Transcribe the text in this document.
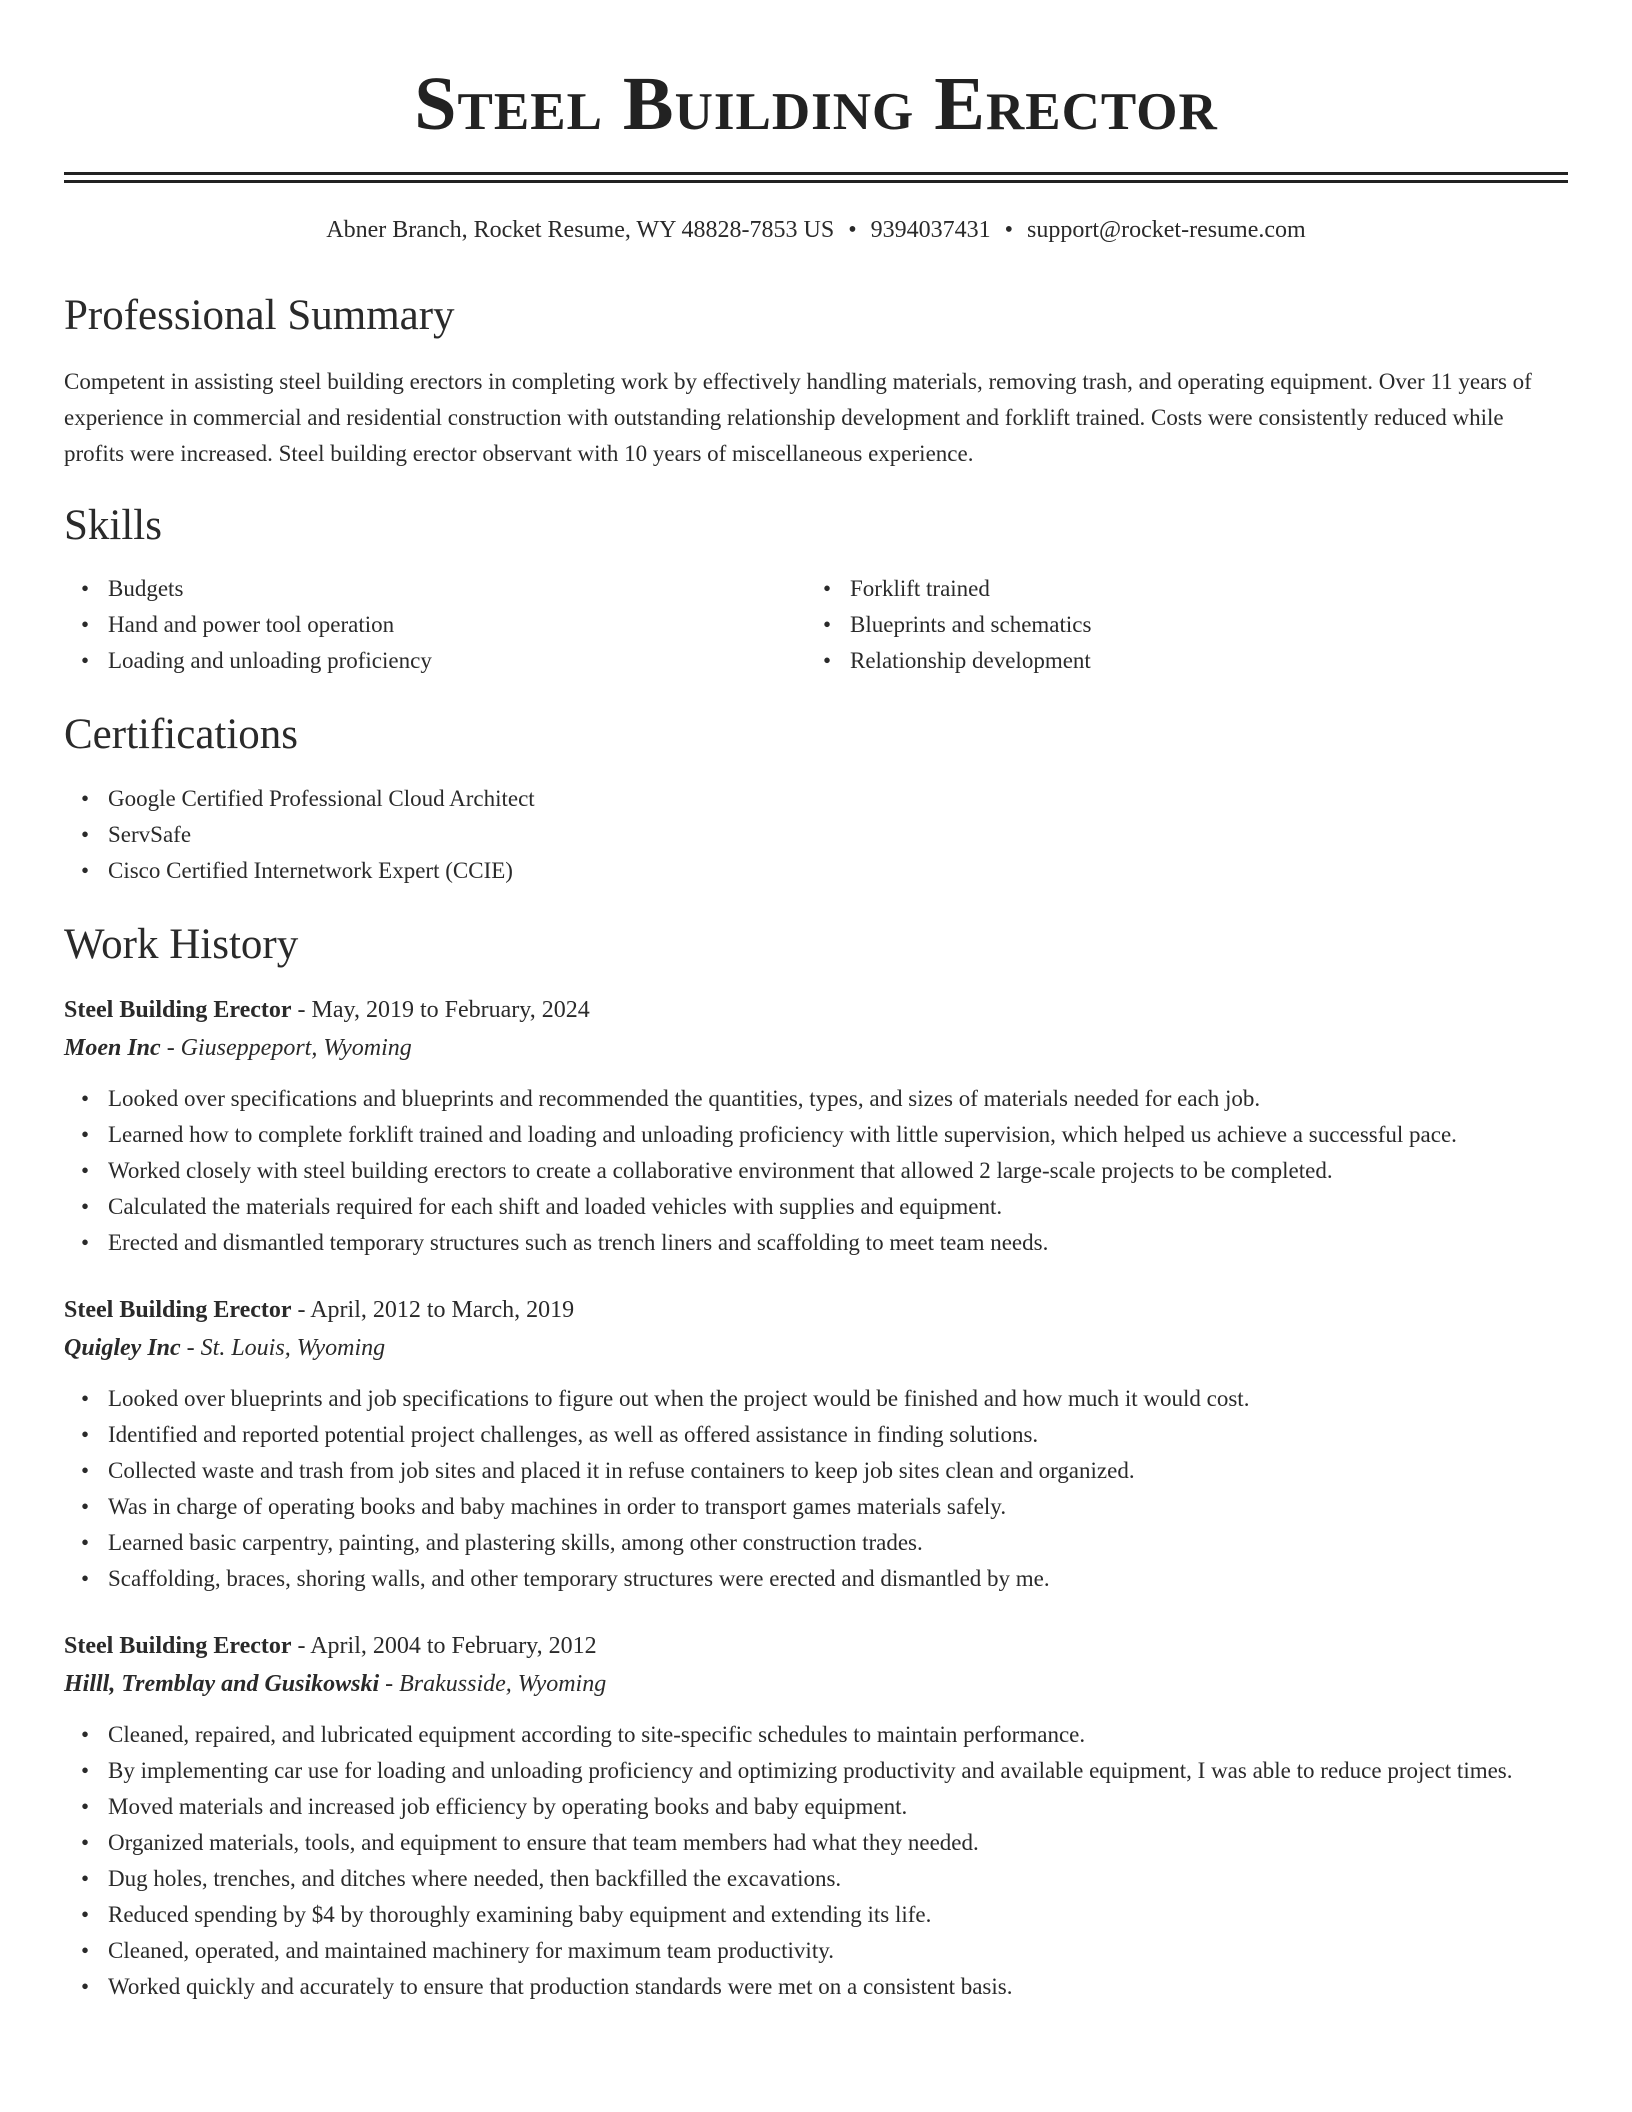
Steel Building Erector
Abner Branch, Rocket Resume, WY 48828-7853 US • 9394037431 • support@rocket-resume.com
Professional Summary

Competent in assisting steel building erectors in completing work by effectively handling materials, removing trash, and operating equipment. Over 11 years of experience in commercial and residential construction with outstanding relationship development and forklift trained. Costs were consistently reduced while profits were increased. Steel building erector observant with 10 years of miscellaneous experience.

Skills
• Budgets
• Hand and power tool operation
• Loading and unloading proficiency
• Forklift trained
• Blueprints and schematics
• Relationship development
Certifications
• Google Certified Professional Cloud Architect
• ServSafe
• Cisco Certified Internetwork Expert (CCIE)
Work History
Steel Building Erector - May, 2019 to February, 2024
Moen Inc - Giuseppeport, Wyoming
• Looked over specifications and blueprints and recommended the quantities, types, and sizes of materials needed for each job.
• Learned how to complete forklift trained and loading and unloading proficiency with little supervision, which helped us achieve a successful pace.
• Worked closely with steel building erectors to create a collaborative environment that allowed 2 large-scale projects to be completed.
• Calculated the materials required for each shift and loaded vehicles with supplies and equipment.
• Erected and dismantled temporary structures such as trench liners and scaffolding to meet team needs.
Steel Building Erector - April, 2012 to March, 2019
Quigley Inc - St. Louis, Wyoming
• Looked over blueprints and job specifications to figure out when the project would be finished and how much it would cost.
• Identified and reported potential project challenges, as well as offered assistance in finding solutions.
• Collected waste and trash from job sites and placed it in refuse containers to keep job sites clean and organized.
• Was in charge of operating books and baby machines in order to transport games materials safely.
• Learned basic carpentry, painting, and plastering skills, among other construction trades.
• Scaffolding, braces, shoring walls, and other temporary structures were erected and dismantled by me.
Steel Building Erector - April, 2004 to February, 2012
Hilll, Tremblay and Gusikowski - Brakusside, Wyoming
• Cleaned, repaired, and lubricated equipment according to site-specific schedules to maintain performance.
• By implementing car use for loading and unloading proficiency and optimizing productivity and available equipment, I was able to reduce project times.
• Moved materials and increased job efficiency by operating books and baby equipment.
• Organized materials, tools, and equipment to ensure that team members had what they needed.
• Dug holes, trenches, and ditches where needed, then backfilled the excavations.
• Reduced spending by $4 by thoroughly examining baby equipment and extending its life.
• Cleaned, operated, and maintained machinery for maximum team productivity.
• Worked quickly and accurately to ensure that production standards were met on a consistent basis.
